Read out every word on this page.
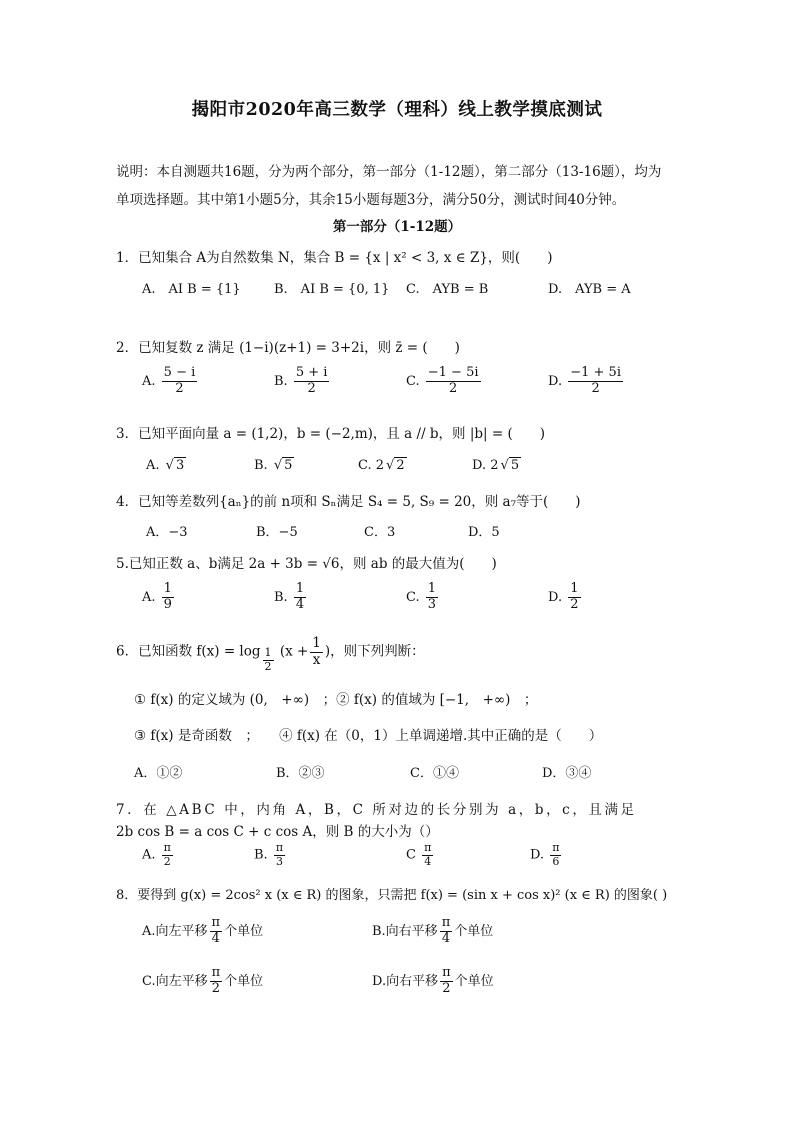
揭阳市2020年高三数学（理科）线上教学摸底测试
说明：本自测题共16题，分为两个部分，第一部分（1-12题），第二部分（13-16题），均为
单项选择题。其中第1小题5分，其余15小题每题3分，满分50分，测试时间40分钟。
第一部分（1-12题）
1．已知集合 A为自然数集 N，集合 B = {x | x² < 3, x ∈ Z}，则(　　)
A.　AI B = {1}	B.　AI B = {0, 1} C.　AYB = B	D.　AYB = A
2．已知复数 z 满足 (1−i)(z+1) = 3+2i，则 z̄ = (　　)
A. $\frac{5 - i}{2}$	B. $\frac{5 + i}{2}$	C. $\frac{-1 - 5i}{2}$	D. $\frac{-1 + 5i}{2}$
3．已知平面向量 a = (1,2)，b = (−2,m)，且 a // b，则 |b| = (　　)
A. √ 3	B. √ 5	C. 2 √ 2	D. 2 √ 5
4．已知等差数列{aₙ}的前 n项和 Sₙ满足 S₄ = 5, S₉ = 20，则 a₇等于(　　)
A．−3	B．−5	C．3	D．5
5.已知正数 a、b满足 2a + 3b = √6，则 ab 的最大值为(　　)
A. $\frac{1}{9}$	B. $\frac{1}{4}$	C. $\frac{1}{3}$	D. $\frac{1}{2}$
6．已知函数 $f(x) = \log \frac{1}{2} (x + \frac{1}{x}$ )，则下列判断：
① f(x) 的定义域为 (0,　+∞)　；② f(x) 的值域为 [−1,　+∞)　；
③ f(x) 是奇函数　；　　④ f(x) 在（0，1）上单调递增.其中正确的是（　　）
A．①②	B．②③	C．①④	D．③④
7．在 △ABC 中，内角 A，B，C 所对边的长分别为 a，b，c，且满足
2b cos B = a cos C + c cos A，则 B 的大小为（）
A. $\frac{\pi}{2}$	B. $\frac{\pi}{3}$	C $\frac{\pi}{4}$	D. $\frac{\pi}{6}$
8．要得到 g(x) = 2cos² x (x ∈ R) 的图象，只需把 f(x) = (sin x + cos x)² (x ∈ R) 的图象( )
A.向左平移 $\frac{\pi}{4}$ 个单位	B.向右平移 $\frac{\pi}{4}$ 个单位
C.向左平移 $\frac{\pi}{2}$ 个单位	D.向右平移 $\frac{\pi}{2}$ 个单位
